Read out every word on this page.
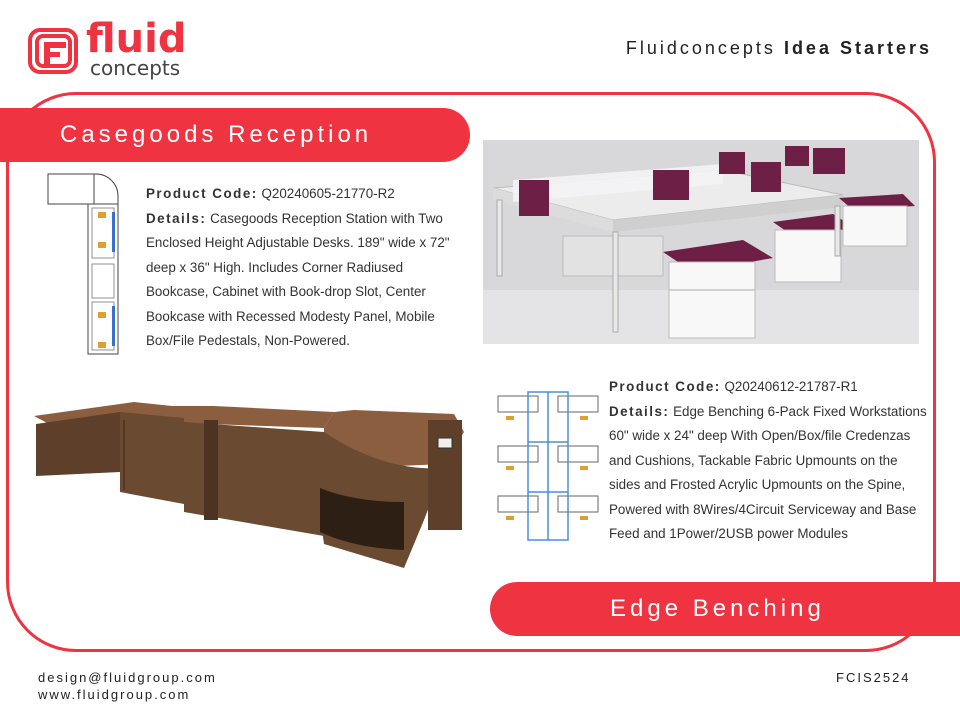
fluid
concepts
Fluidconcepts Idea Starters
Casegoods Reception
Product Code: Q20240605-21770-R2
Details: Casegoods Reception Station with Two Enclosed Height Adjustable Desks. 189" wide x 72" deep x 36" High. Includes Corner Radiused Bookcase, Cabinet with Book-drop Slot, Center Bookcase with Recessed Modesty Panel, Mobile Box/File Pedestals, Non-Powered.
Product Code: Q20240612-21787-R1
Details: Edge Benching 6-Pack Fixed Workstations 60" wide x 24" deep With Open/Box/file Credenzas and Cushions, Tackable Fabric Upmounts on the sides and Frosted Acrylic Upmounts on the Spine, Powered with 8Wires/4Circuit Serviceway and Base Feed and 1Power/2USB power Modules
Edge Benching
design@fluidgroup.com
www.fluidgroup.com
FCIS2524
